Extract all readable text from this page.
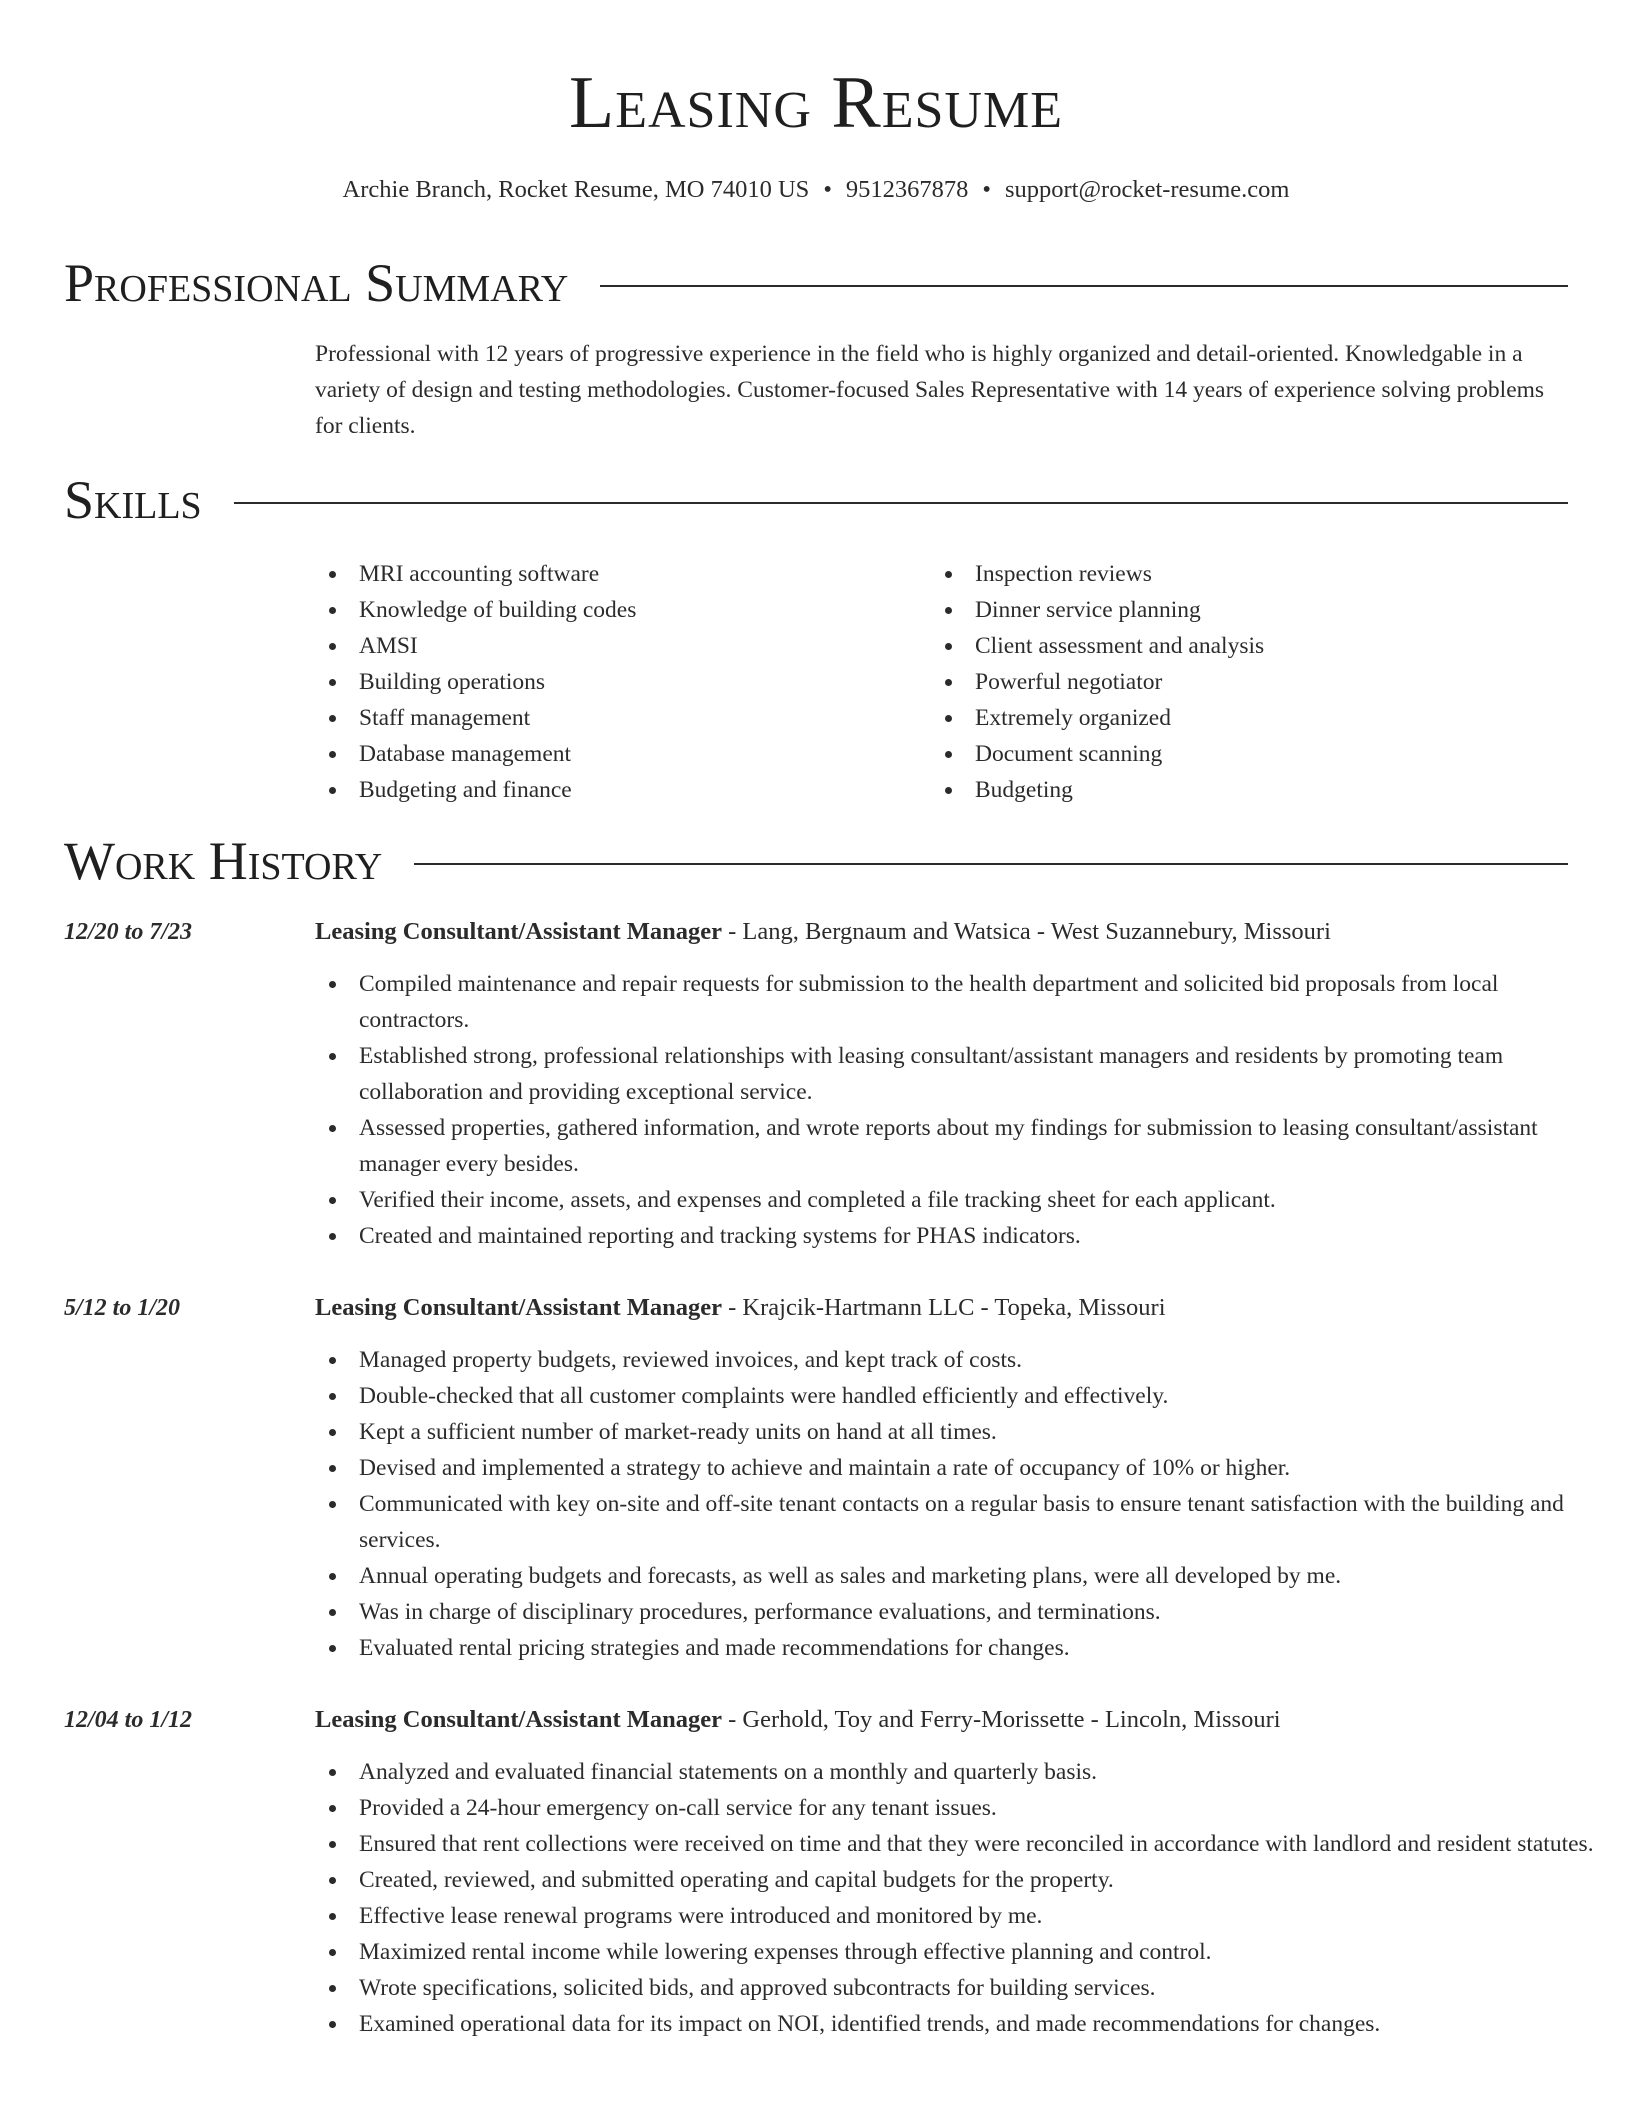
Leasing Resume
Archie Branch, Rocket Resume, MO 74010 US • 9512367878 • support@rocket-resume.com
Professional Summary

Professional with 12 years of progressive experience in the field who is highly organized and detail-oriented. Knowledgable in a variety of design and testing methodologies. Customer-focused Sales Representative with 14 years of experience solving problems for clients.

Skills
MRI accounting software
Knowledge of building codes
AMSI
Building operations
Staff management
Database management
Budgeting and finance
Inspection reviews
Dinner service planning
Client assessment and analysis
Powerful negotiator
Extremely organized
Document scanning
Budgeting
Work History
12/20 to 7/23	Leasing Consultant/Assistant Manager - Lang, Bergnaum and Watsica - West Suzannebury, Missouri
Compiled maintenance and repair requests for submission to the health department and solicited bid proposals from local contractors.
Established strong, professional relationships with leasing consultant/assistant managers and residents by promoting team collaboration and providing exceptional service.
Assessed properties, gathered information, and wrote reports about my findings for submission to leasing consultant/assistant manager every besides.
Verified their income, assets, and expenses and completed a file tracking sheet for each applicant.
Created and maintained reporting and tracking systems for PHAS indicators.
5/12 to 1/20	Leasing Consultant/Assistant Manager - Krajcik-Hartmann LLC - Topeka, Missouri
Managed property budgets, reviewed invoices, and kept track of costs.
Double-checked that all customer complaints were handled efficiently and effectively.
Kept a sufficient number of market-ready units on hand at all times.
Devised and implemented a strategy to achieve and maintain a rate of occupancy of 10% or higher.
Communicated with key on-site and off-site tenant contacts on a regular basis to ensure tenant satisfaction with the building and services.
Annual operating budgets and forecasts, as well as sales and marketing plans, were all developed by me.
Was in charge of disciplinary procedures, performance evaluations, and terminations.
Evaluated rental pricing strategies and made recommendations for changes.
12/04 to 1/12	Leasing Consultant/Assistant Manager - Gerhold, Toy and Ferry-Morissette - Lincoln, Missouri
Analyzed and evaluated financial statements on a monthly and quarterly basis.
Provided a 24-hour emergency on-call service for any tenant issues.
Ensured that rent collections were received on time and that they were reconciled in accordance with landlord and resident statutes.
Created, reviewed, and submitted operating and capital budgets for the property.
Effective lease renewal programs were introduced and monitored by me.
Maximized rental income while lowering expenses through effective planning and control.
Wrote specifications, solicited bids, and approved subcontracts for building services.
Examined operational data for its impact on NOI, identified trends, and made recommendations for changes.
